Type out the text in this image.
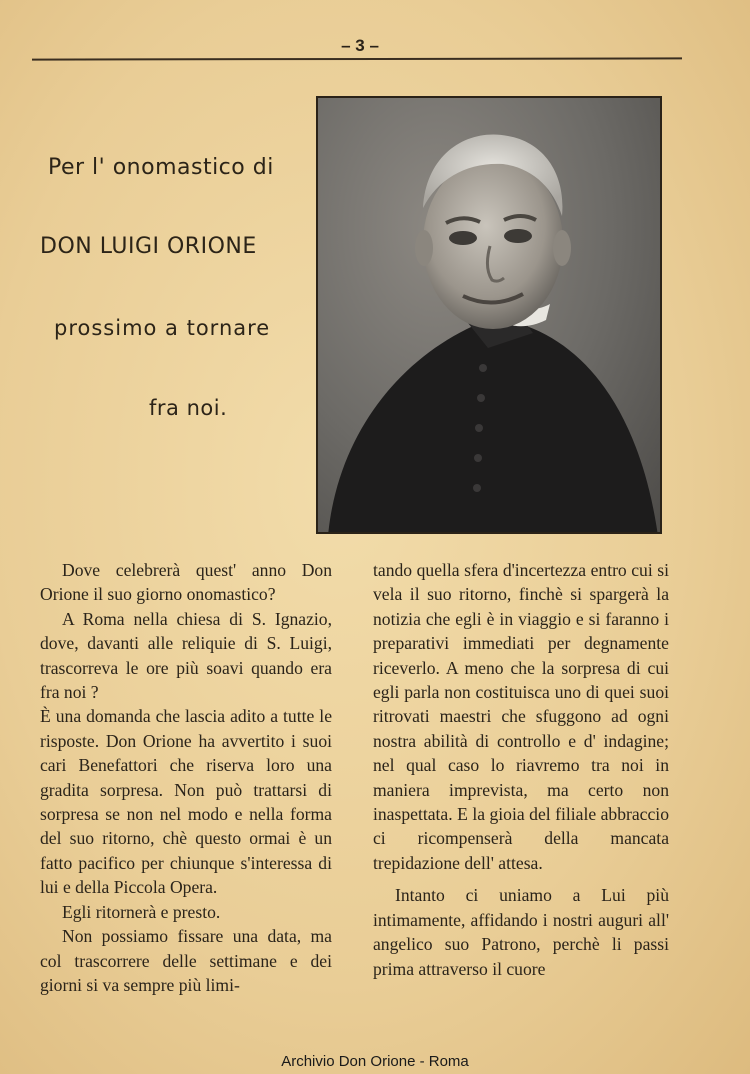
– 3 –
Per l' onomastico di
DON LUIGI ORIONE
prossimo a tornare
fra noi.

Dove celebrerà quest' anno Don Orione il suo giorno onomastico?

A Roma nella chiesa di S. Ignazio, dove, davanti alle reliquie di S. Luigi, trascorreva le ore più soavi quando era fra noi ?

È una domanda che lascia adito a tutte le risposte. Don Orione ha avvertito i suoi cari Benefattori che riserva loro una gradita sorpresa. Non può trattarsi di sorpresa se non nel modo e nella forma del suo ritorno, chè questo ormai è un fatto pacifico per chiunque s'interessa di lui e della Piccola Opera.

Egli ritornerà e presto.

Non possiamo fissare una data, ma col trascorrere delle settimane e dei giorni si va sempre più limi-

tando quella sfera d'incertezza entro cui si vela il suo ritorno, finchè si spargerà la notizia che egli è in viaggio e si faranno i preparativi immediati per degnamente riceverlo. A meno che la sorpresa di cui egli parla non costituisca uno di quei suoi ritrovati maestri che sfuggono ad ogni nostra abilità di controllo e d' indagine; nel qual caso lo riavremo tra noi in maniera imprevista, ma certo non inaspettata. E la gioia del filiale abbraccio ci ricompenserà della mancata trepidazione dell' attesa.

Intanto ci uniamo a Lui più intimamente, affidando i nostri auguri all' angelico suo Patrono, perchè li passi prima attraverso il cuore

Archivio Don Orione - Roma
